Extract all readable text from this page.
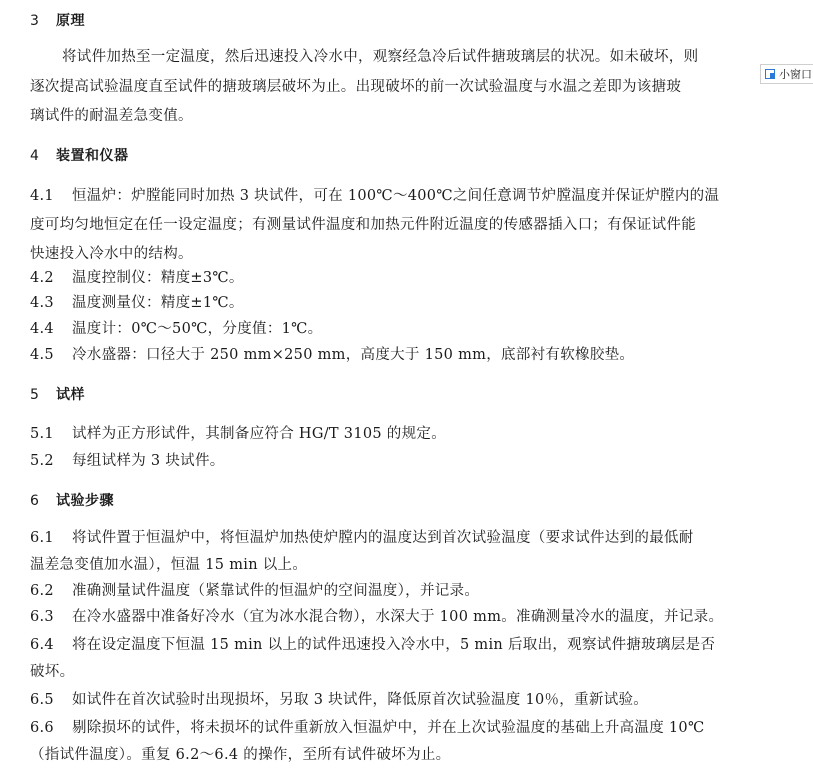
3 原理
将试件加热至一定温度，然后迅速投入冷水中，观察经急冷后试件搪玻璃层的状况。如未破坏，则
逐次提高试验温度直至试件的搪玻璃层破坏为止。出现破坏的前一次试验温度与水温之差即为该搪玻
璃试件的耐温差急变值。
4 装置和仪器
4.1 恒温炉：炉膛能同时加热 3 块试件，可在 100℃～400℃之间任意调节炉膛温度并保证炉膛内的温
度可均匀地恒定在任一设定温度；有测量试件温度和加热元件附近温度的传感器插入口；有保证试件能
快速投入冷水中的结构。
4.2 温度控制仪：精度±3℃。
4.3 温度测量仪：精度±1℃。
4.4 温度计：0℃～50℃，分度值：1℃。
4.5 冷水盛器：口径大于 250 mm×250 mm，高度大于 150 mm，底部衬有软橡胶垫。
5 试样
5.1 试样为正方形试件，其制备应符合 HG/T 3105 的规定。
5.2 每组试样为 3 块试件。
6 试验步骤
6.1 将试件置于恒温炉中，将恒温炉加热使炉膛内的温度达到首次试验温度（要求试件达到的最低耐
温差急变值加水温），恒温 15 min 以上。
6.2 准确测量试件温度（紧靠试件的恒温炉的空间温度），并记录。
6.3 在冷水盛器中准备好冷水（宜为冰水混合物），水深大于 100 mm。准确测量冷水的温度，并记录。
6.4 将在设定温度下恒温 15 min 以上的试件迅速投入冷水中，5 min 后取出，观察试件搪玻璃层是否
破坏。
6.5 如试件在首次试验时出现损坏，另取 3 块试件，降低原首次试验温度 10％，重新试验。
6.6 剔除损坏的试件，将未损坏的试件重新放入恒温炉中，并在上次试验温度的基础上升高温度 10℃
（指试件温度）。重复 6.2～6.4 的操作，至所有试件破坏为止。
小窗口
